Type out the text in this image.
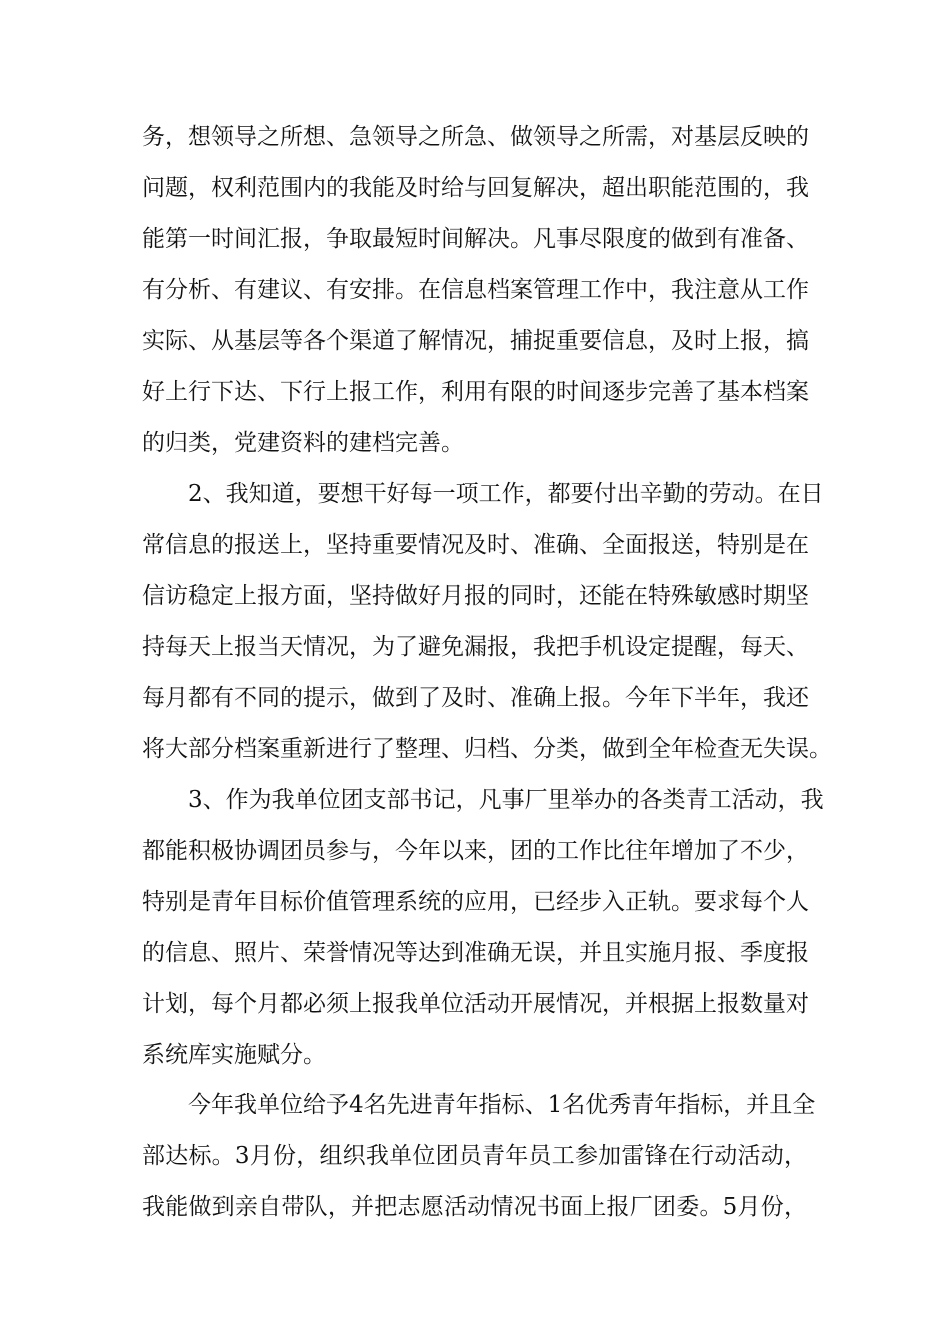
务，想领导之所想、急领导之所急、做领导之所需，对基层反映的
问题，权利范围内的我能及时给与回复解决，超出职能范围的，我
能第一时间汇报，争取最短时间解决。凡事尽限度的做到有准备、
有分析、有建议、有安排。在信息档案管理工作中，我注意从工作
实际、从基层等各个渠道了解情况，捕捉重要信息，及时上报，搞
好上行下达、下行上报工作，利用有限的时间逐步完善了基本档案
的归类，党建资料的建档完善。
2、我知道，要想干好每一项工作，都要付出辛勤的劳动。在日
常信息的报送上，坚持重要情况及时、准确、全面报送，特别是在
信访稳定上报方面，坚持做好月报的同时，还能在特殊敏感时期坚
持每天上报当天情况，为了避免漏报，我把手机设定提醒，每天、
每月都有不同的提示，做到了及时、准确上报。今年下半年，我还
将大部分档案重新进行了整理、归档、分类，做到全年检查无失误。
3、作为我单位团支部书记，凡事厂里举办的各类青工活动，我
都能积极协调团员参与，今年以来，团的工作比往年增加了不少，
特别是青年目标价值管理系统的应用，已经步入正轨。要求每个人
的信息、照片、荣誉情况等达到准确无误，并且实施月报、季度报
计划，每个月都必须上报我单位活动开展情况，并根据上报数量对
系统库实施赋分。
今年我单位给予4名先进青年指标、1名优秀青年指标，并且全
部达标。3月份，组织我单位团员青年员工参加雷锋在行动活动，
我能做到亲自带队，并把志愿活动情况书面上报厂团委。5月份，
